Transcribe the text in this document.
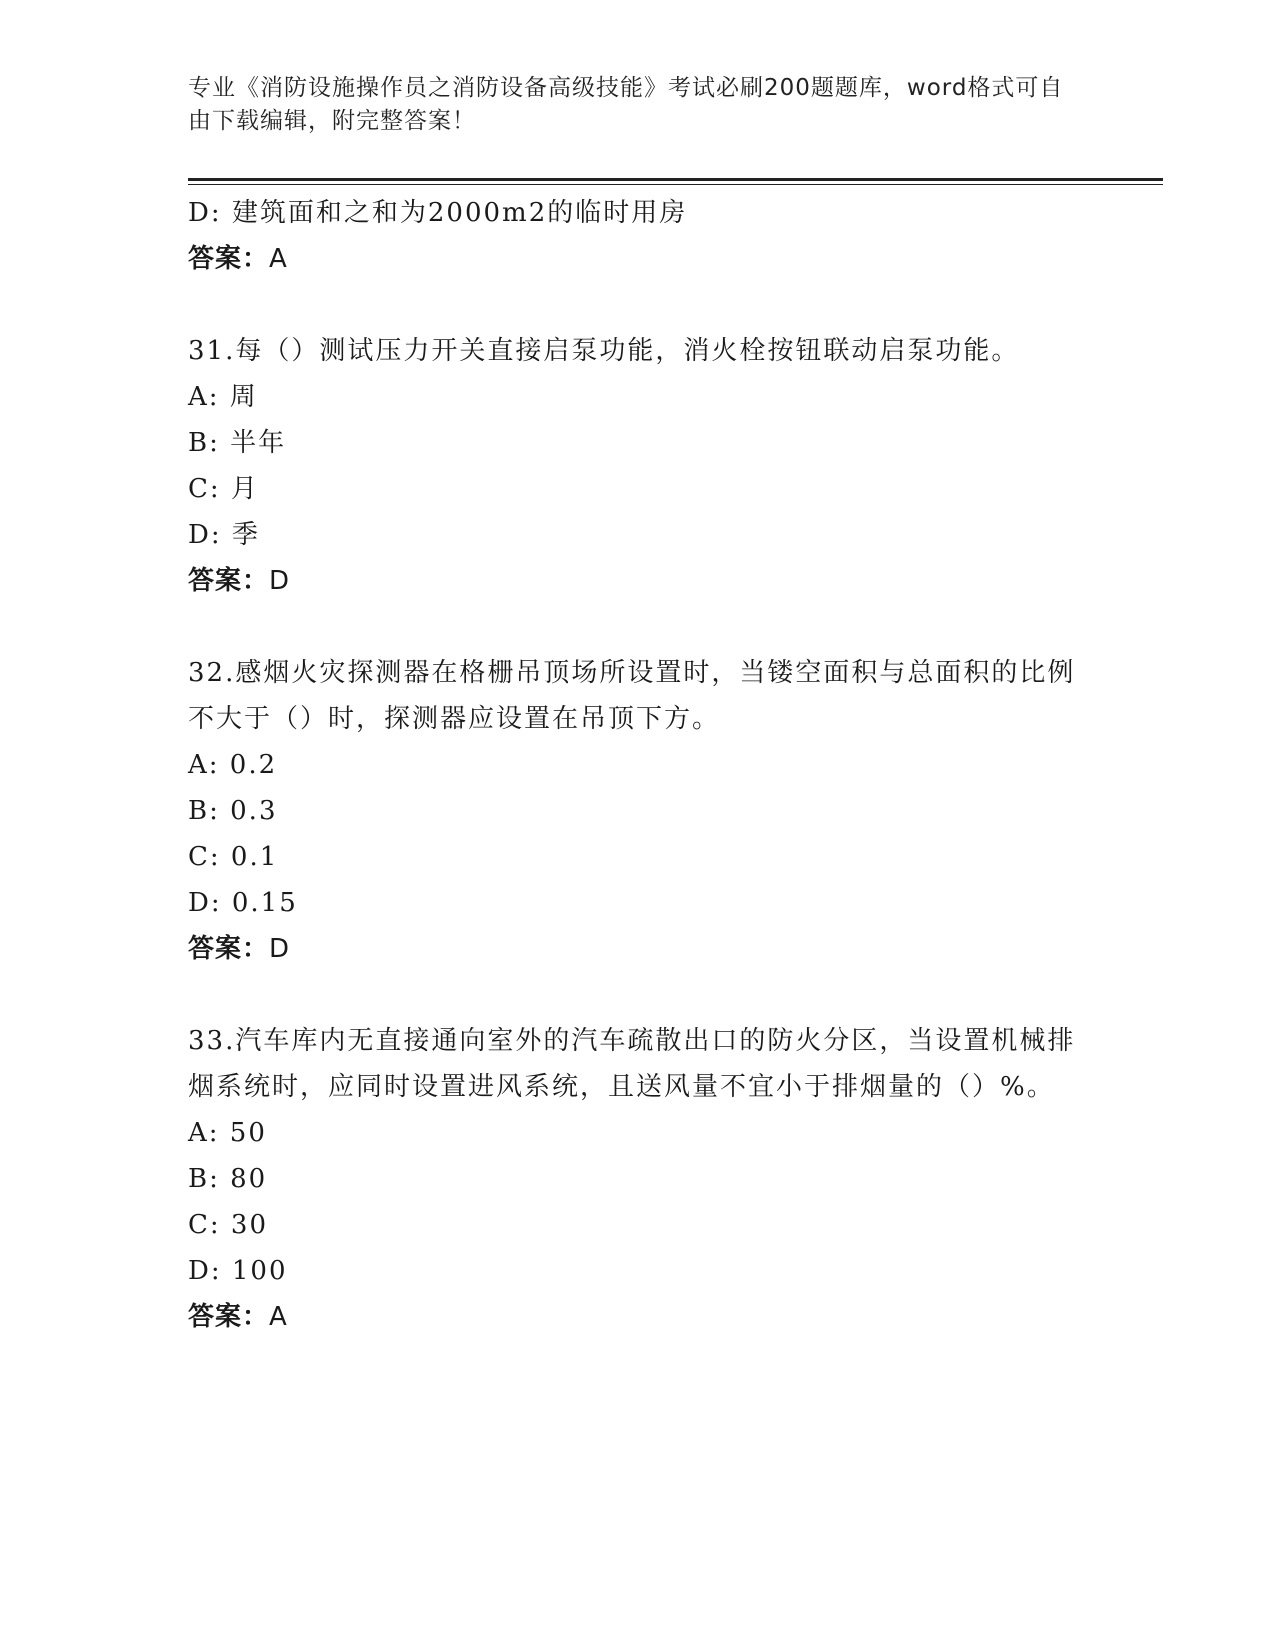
专业《消防设施操作员之消防设备高级技能》考试必刷200题题库，word格式可自由下载编辑，附完整答案！
D: 建筑面和之和为2000m2的临时用房
答案：A
31.每（）测试压力开关直接启泵功能，消火栓按钮联动启泵功能。
A: 周
B: 半年
C: 月
D: 季
答案：D
32.感烟火灾探测器在格栅吊顶场所设置时，当镂空面积与总面积的比例不大于（）时，探测器应设置在吊顶下方。
A: 0.2
B: 0.3
C: 0.1
D: 0.15
答案：D
33.汽车库内无直接通向室外的汽车疏散出口的防火分区，当设置机械排烟系统时，应同时设置进风系统，且送风量不宜小于排烟量的（）%。
A: 50
B: 80
C: 30
D: 100
答案：A
